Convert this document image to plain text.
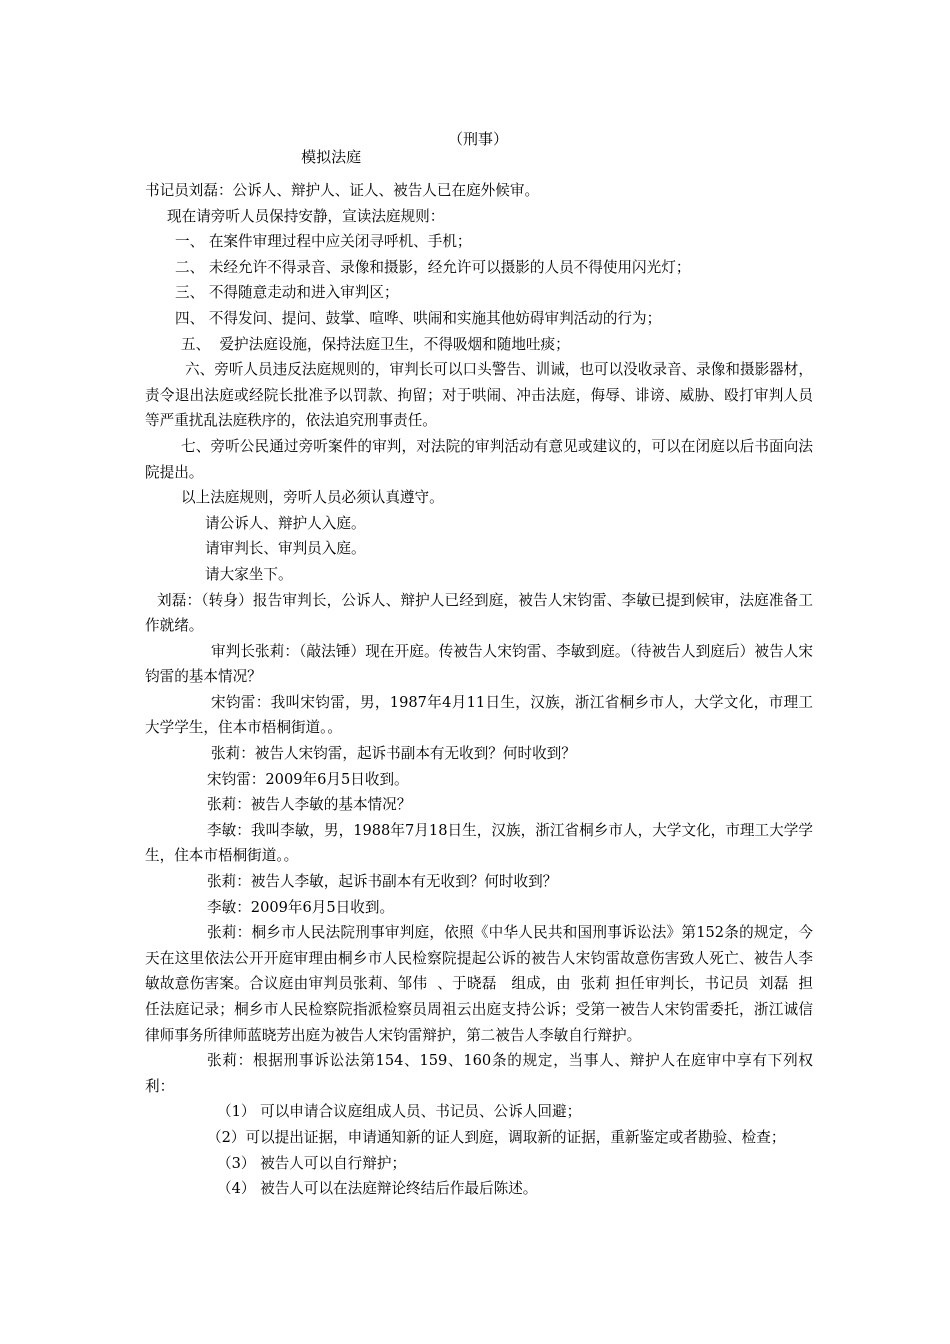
模拟法庭

（刑事）

书记员刘磊：公诉人、辩护人、证人、被告人已在庭外候审。

现在请旁听人员保持安静，宣读法庭规则：

一、 在案件审理过程中应关闭寻呼机、手机；

二、 未经允许不得录音、录像和摄影，经允许可以摄影的人员不得使用闪光灯；

三、 不得随意走动和进入审判区；

四、 不得发问、提问、鼓掌、喧哗、哄闹和实施其他妨碍审判活动的行为；

五、  爱护法庭设施，保持法庭卫生，不得吸烟和随地吐痰；

六、旁听人员违反法庭规则的，审判长可以口头警告、训诫，也可以没收录音、录像和摄影器材，责令退出法庭或经院长批准予以罚款、拘留；对于哄闹、冲击法庭，侮辱、诽谤、威胁、殴打审判人员等严重扰乱法庭秩序的，依法追究刑事责任。

七、旁听公民通过旁听案件的审判，对法院的审判活动有意见或建议的，可以在闭庭以后书面向法院提出。

以上法庭规则，旁听人员必须认真遵守。

请公诉人、辩护人入庭。

请审判长、审判员入庭。

请大家坐下。

刘磊：（转身）报告审判长，公诉人、辩护人已经到庭，被告人宋钧雷、李敏已提到候审，法庭准备工作就绪。

审判长张莉：（敲法锤）现在开庭。传被告人宋钧雷、李敏到庭。（待被告人到庭后）被告人宋钧雷的基本情况？

宋钧雷：我叫宋钧雷，男，1987年4月11日生，汉族，浙江省桐乡市人，大学文化，市理工大学学生，住本市梧桐街道。。

张莉：被告人宋钧雷，起诉书副本有无收到？何时收到？

宋钧雷：2009年6月5日收到。

张莉：被告人李敏的基本情况？

李敏：我叫李敏，男，1988年7月18日生，汉族，浙江省桐乡市人，大学文化，市理工大学学生，住本市梧桐街道。。

张莉：被告人李敏，起诉书副本有无收到？何时收到？

李敏：2009年6月5日收到。

张莉：桐乡市人民法院刑事审判庭，依照《中华人民共和国刑事诉讼法》第152条的规定，今天在这里依法公开开庭审理由桐乡市人民检察院提起公诉的被告人宋钧雷故意伤害致人死亡、被告人李敏故意伤害案。合议庭由审判员张莉、邹伟  、于晓磊   组成，由  张莉 担任审判长，书记员  刘磊  担任法庭记录；桐乡市人民检察院指派检察员周祖云出庭支持公诉；受第一被告人宋钧雷委托，浙江诚信律师事务所律师蓝晓芳出庭为被告人宋钧雷辩护，第二被告人李敏自行辩护。

张莉：根据刑事诉讼法第154、159、160条的规定，当事人、辩护人在庭审中享有下列权利：

（1） 可以申请合议庭组成人员、书记员、公诉人回避；

（2）可以提出证据，申请通知新的证人到庭，调取新的证据，重新鉴定或者勘验、检查；

（3） 被告人可以自行辩护；

（4） 被告人可以在法庭辩论终结后作最后陈述。
